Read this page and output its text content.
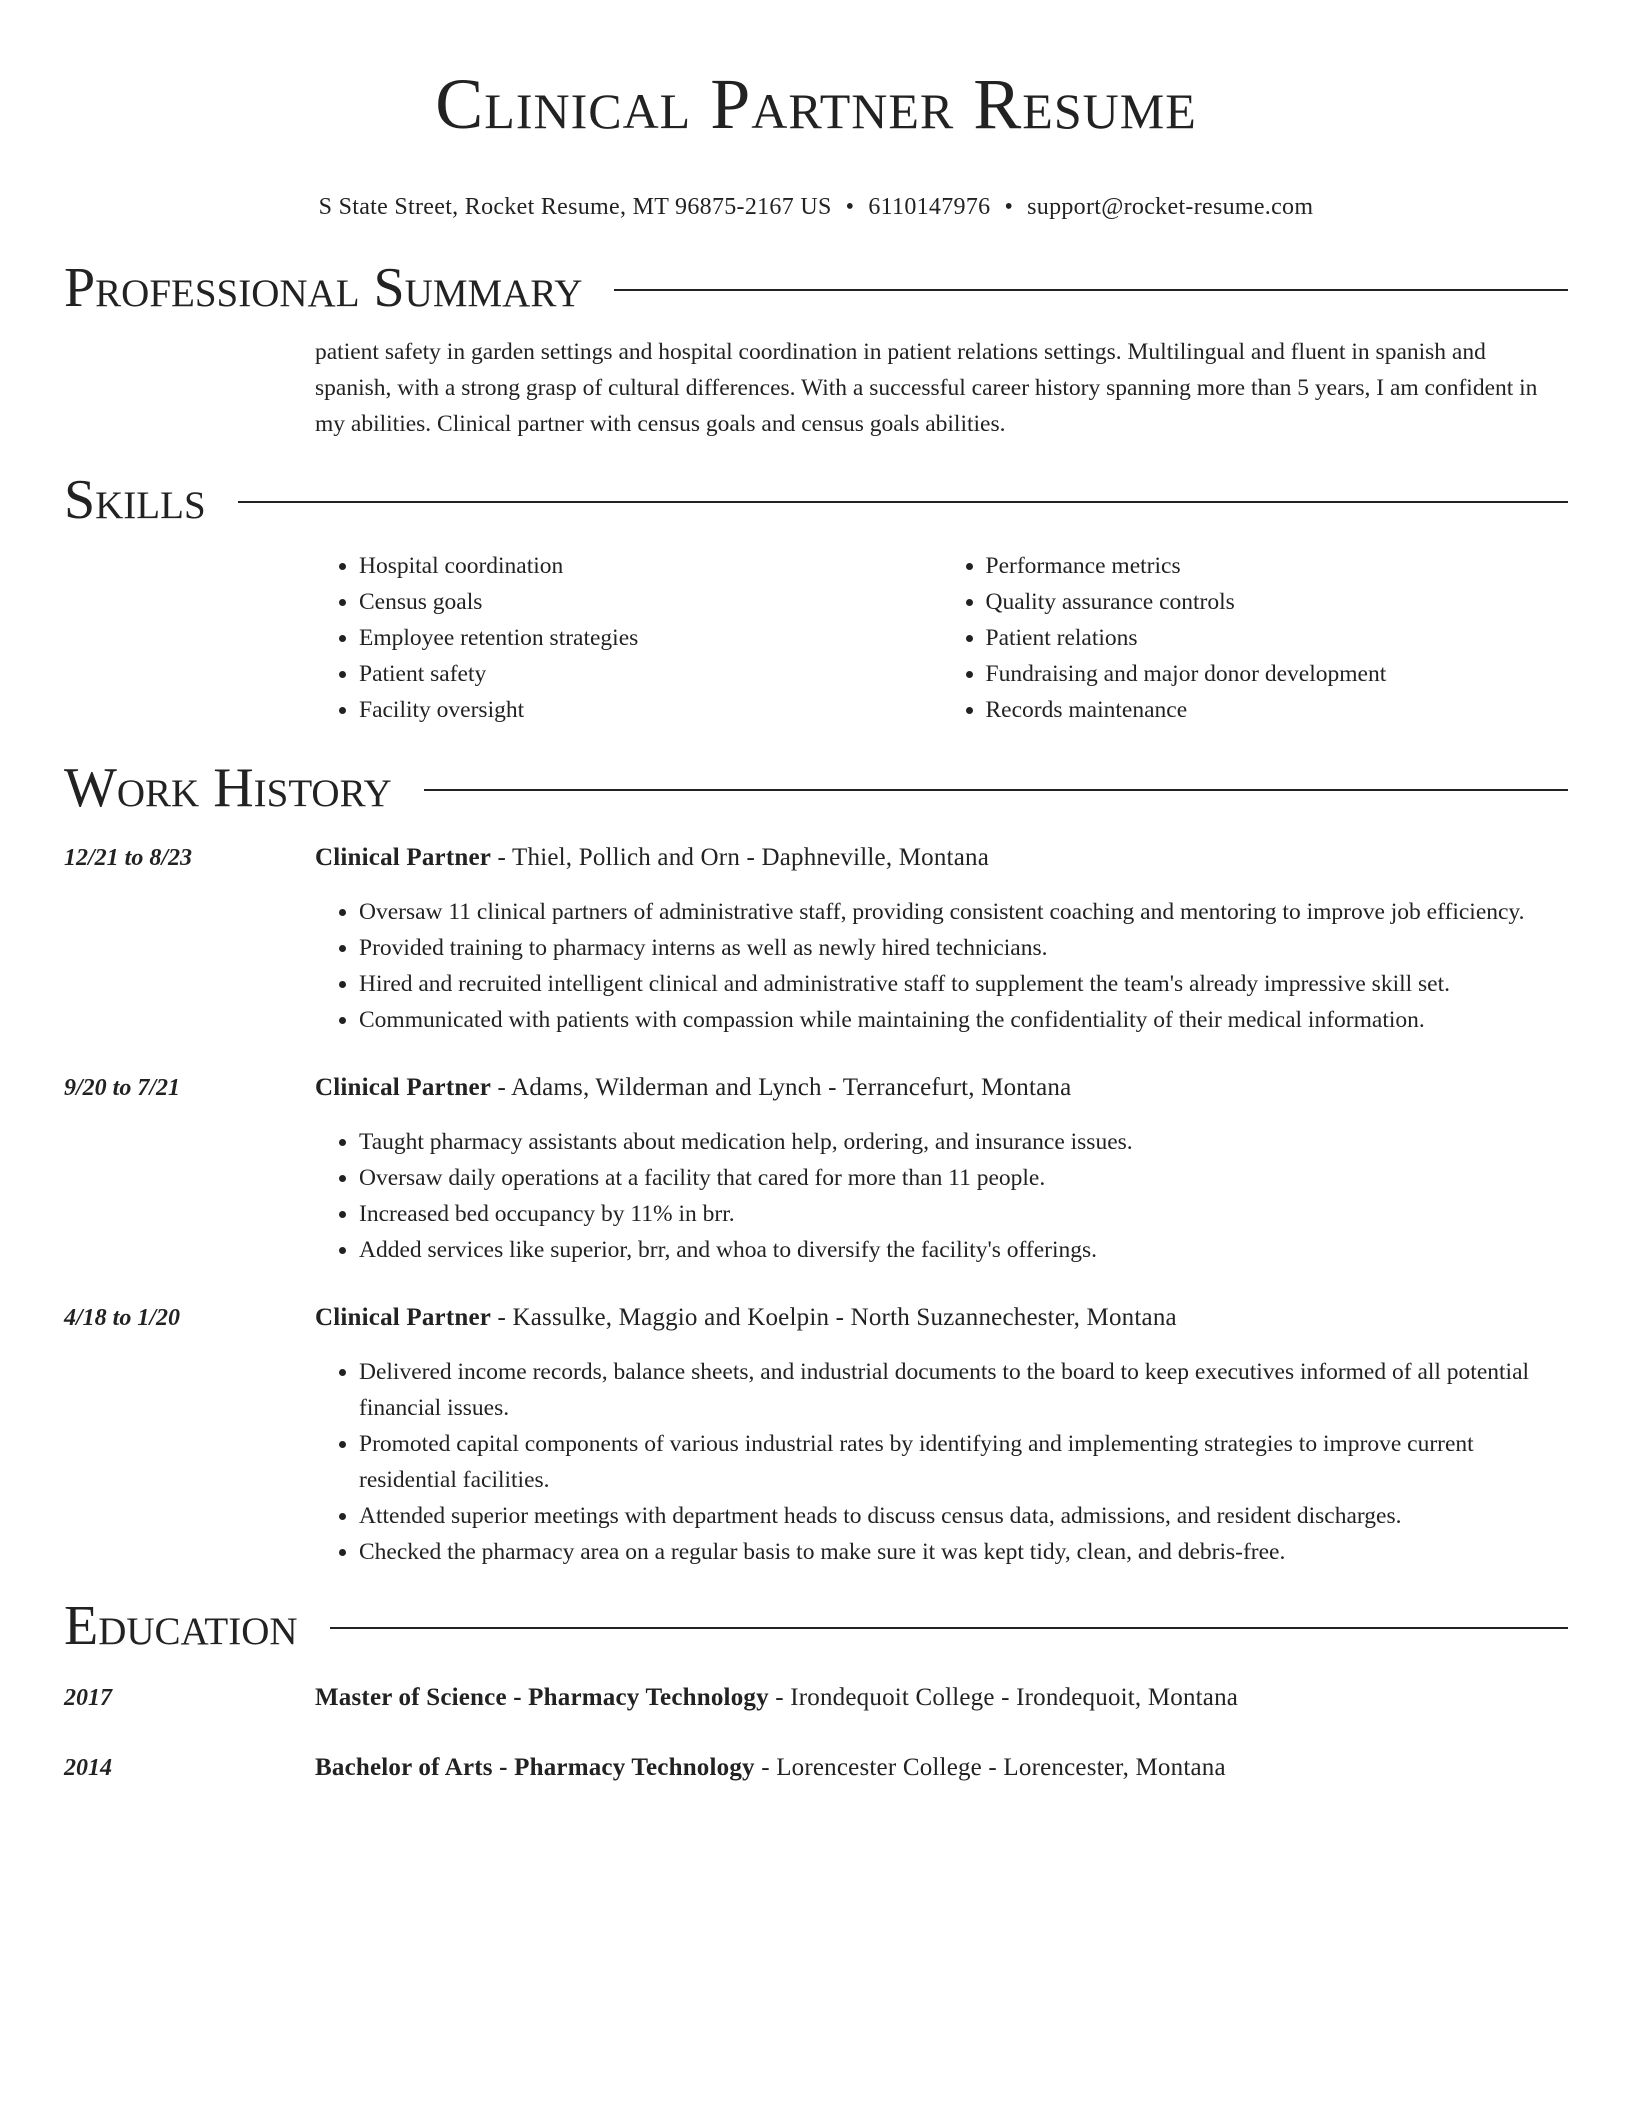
Clinical Partner Resume
S State Street, Rocket Resume, MT 96875-2167 US • 6110147976 • support@rocket-resume.com
Professional Summary
patient safety in garden settings and hospital coordination in patient relations settings. Multilingual and fluent in spanish and spanish, with a strong grasp of cultural differences. With a successful career history spanning more than 5 years, I am confident in my abilities. Clinical partner with census goals and census goals abilities.
Skills
• Hospital coordination
• Census goals
• Employee retention strategies
• Patient safety
• Facility oversight
• Performance metrics
• Quality assurance controls
• Patient relations
• Fundraising and major donor development
• Records maintenance
Work History
12/21 to 8/23	Clinical Partner - Thiel, Pollich and Orn - Daphneville, Montana
• Oversaw 11 clinical partners of administrative staff, providing consistent coaching and mentoring to improve job efficiency.
• Provided training to pharmacy interns as well as newly hired technicians.
• Hired and recruited intelligent clinical and administrative staff to supplement the team's already impressive skill set.
• Communicated with patients with compassion while maintaining the confidentiality of their medical information.
9/20 to 7/21	Clinical Partner - Adams, Wilderman and Lynch - Terrancefurt, Montana
• Taught pharmacy assistants about medication help, ordering, and insurance issues.
• Oversaw daily operations at a facility that cared for more than 11 people.
• Increased bed occupancy by 11% in brr.
• Added services like superior, brr, and whoa to diversify the facility's offerings.
4/18 to 1/20	Clinical Partner - Kassulke, Maggio and Koelpin - North Suzannechester, Montana
• Delivered income records, balance sheets, and industrial documents to the board to keep executives informed of all potential financial issues.
• Promoted capital components of various industrial rates by identifying and implementing strategies to improve current residential facilities.
• Attended superior meetings with department heads to discuss census data, admissions, and resident discharges.
• Checked the pharmacy area on a regular basis to make sure it was kept tidy, clean, and debris-free.
Education
2017	Master of Science - Pharmacy Technology - Irondequoit College - Irondequoit, Montana
2014	Bachelor of Arts - Pharmacy Technology - Lorencester College - Lorencester, Montana
